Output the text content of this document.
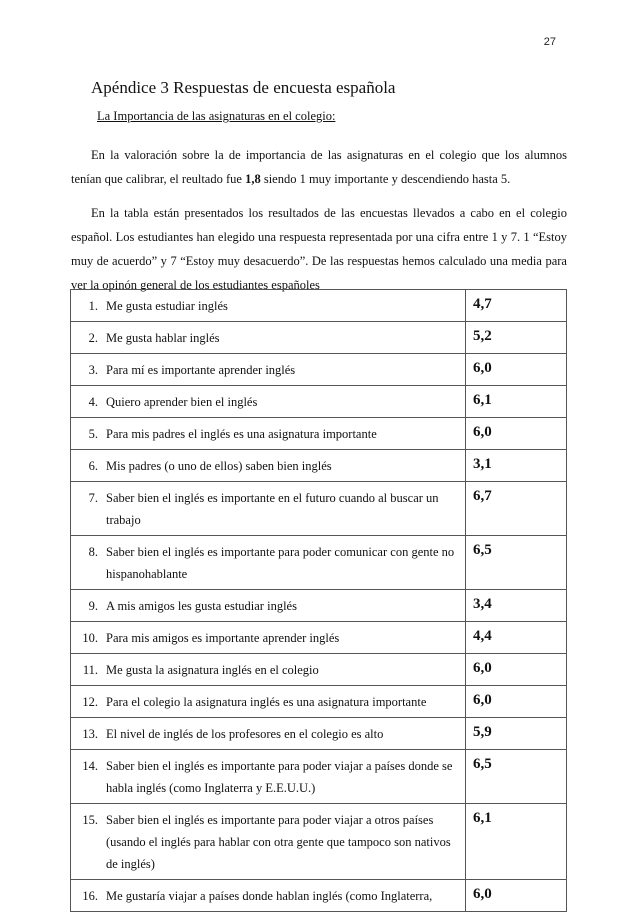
27
Apéndice 3 Respuestas de encuesta española
La Importancia de las asignaturas en el colegio:
En la valoración sobre la de importancia de las asignaturas en el colegio que los alumnos tenían que calibrar, el reultado fue 1,8 siendo 1 muy importante y descendiendo hasta 5.
En la tabla están presentados los resultados de las encuestas llevados a cabo en el colegio español. Los estudiantes han elegido una respuesta representada por una cifra entre 1 y 7. 1 “Estoy muy de acuerdo” y 7 “Estoy muy desacuerdo”. De las respuestas hemos calculado una media para ver la opinón general de los estudiantes españoles
1. Me gusta estudiar inglés	4,7

2. Me gusta hablar inglés	5,2

3. Para mí es importante aprender inglés	6,0

4. Quiero aprender bien el inglés	6,1

5. Para mis padres el inglés es una asignatura importante	6,0

6. Mis padres (o uno de ellos) saben bien inglés	3,1

7. Saber bien el inglés es importante en el futuro cuando al buscar un trabajo	6,7

8. Saber bien el inglés es importante para poder comunicar con gente no hispanohablante	6,5

9. A mis amigos les gusta estudiar inglés	3,4

10. Para mis amigos es importante aprender inglés	4,4

11. Me gusta la asignatura inglés en el colegio	6,0

12. Para el colegio la asignatura inglés es una asignatura importante	6,0

13. El nivel de inglés de los profesores en el colegio es alto	5,9

14. Saber bien el inglés es importante para poder viajar a países donde se habla inglés (como Inglaterra y E.E.U.U.)	6,5

15. Saber bien el inglés es importante para poder viajar a otros países (usando el inglés para hablar con otra gente que tampoco son nativos de inglés)	6,1

16. Me gustaría viajar a países donde hablan inglés (como Inglaterra,	6,0
